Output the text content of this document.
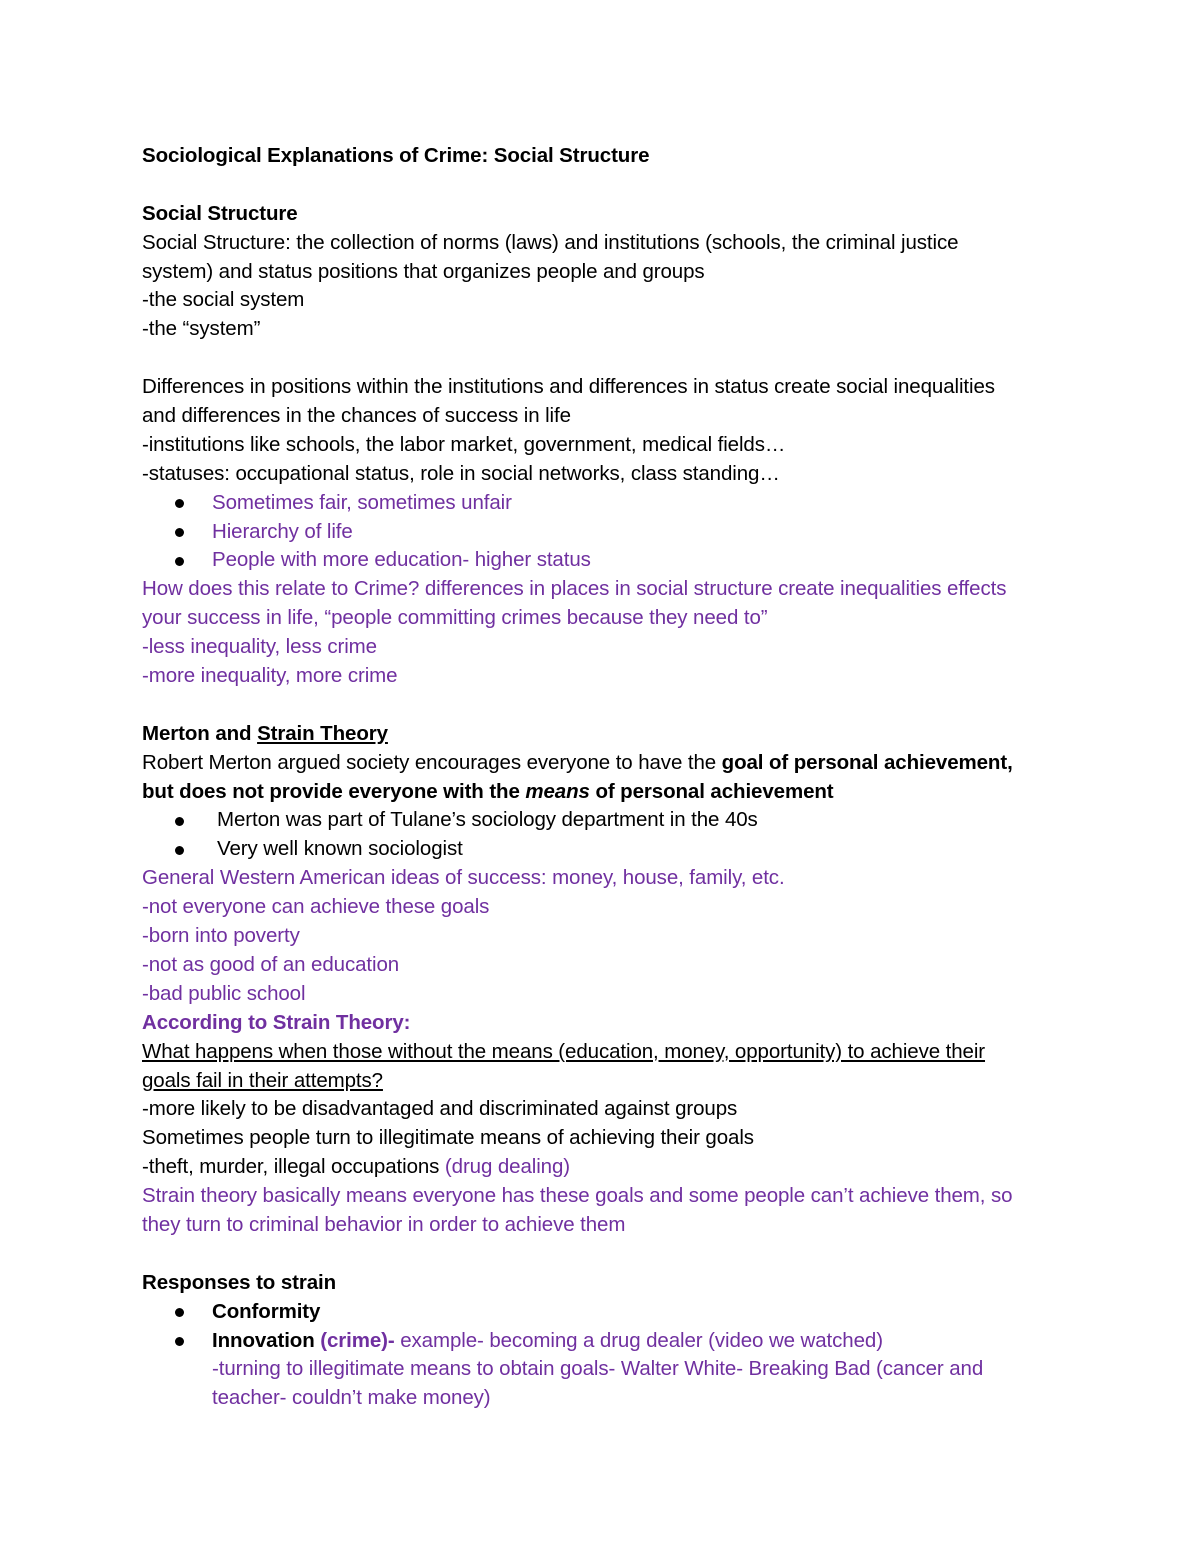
Sociological Explanations of Crime: Social Structure
Social Structure
Social Structure: the collection of norms (laws) and institutions (schools, the criminal justice
system) and status positions that organizes people and groups
-the social system
-the “system”
Differences in positions within the institutions and differences in status create social inequalities
and differences in the chances of success in life
-institutions like schools, the labor market, government, medical fields…
-statuses: occupational status, role in social networks, class standing…
Sometimes fair, sometimes unfair
Hierarchy of life
People with more education- higher status
How does this relate to Crime? differences in places in social structure create inequalities effects
your success in life, “people committing crimes because they need to”
-less inequality, less crime
-more inequality, more crime
Merton and Strain Theory
Robert Merton argued society encourages everyone to have the goal of personal achievement,
but does not provide everyone with the means of personal achievement
Merton was part of Tulane’s sociology department in the 40s
Very well known sociologist
General Western American ideas of success: money, house, family, etc.
-not everyone can achieve these goals
-born into poverty
-not as good of an education
-bad public school
According to Strain Theory:
What happens when those without the means (education, money, opportunity) to achieve their
goals fail in their attempts?
-more likely to be disadvantaged and discriminated against groups
Sometimes people turn to illegitimate means of achieving their goals
-theft, murder, illegal occupations (drug dealing)
Strain theory basically means everyone has these goals and some people can’t achieve them, so
they turn to criminal behavior in order to achieve them
Responses to strain
Conformity
Innovation (crime)- example- becoming a drug dealer (video we watched)
-turning to illegitimate means to obtain goals- Walter White- Breaking Bad (cancer and
teacher- couldn’t make money)
